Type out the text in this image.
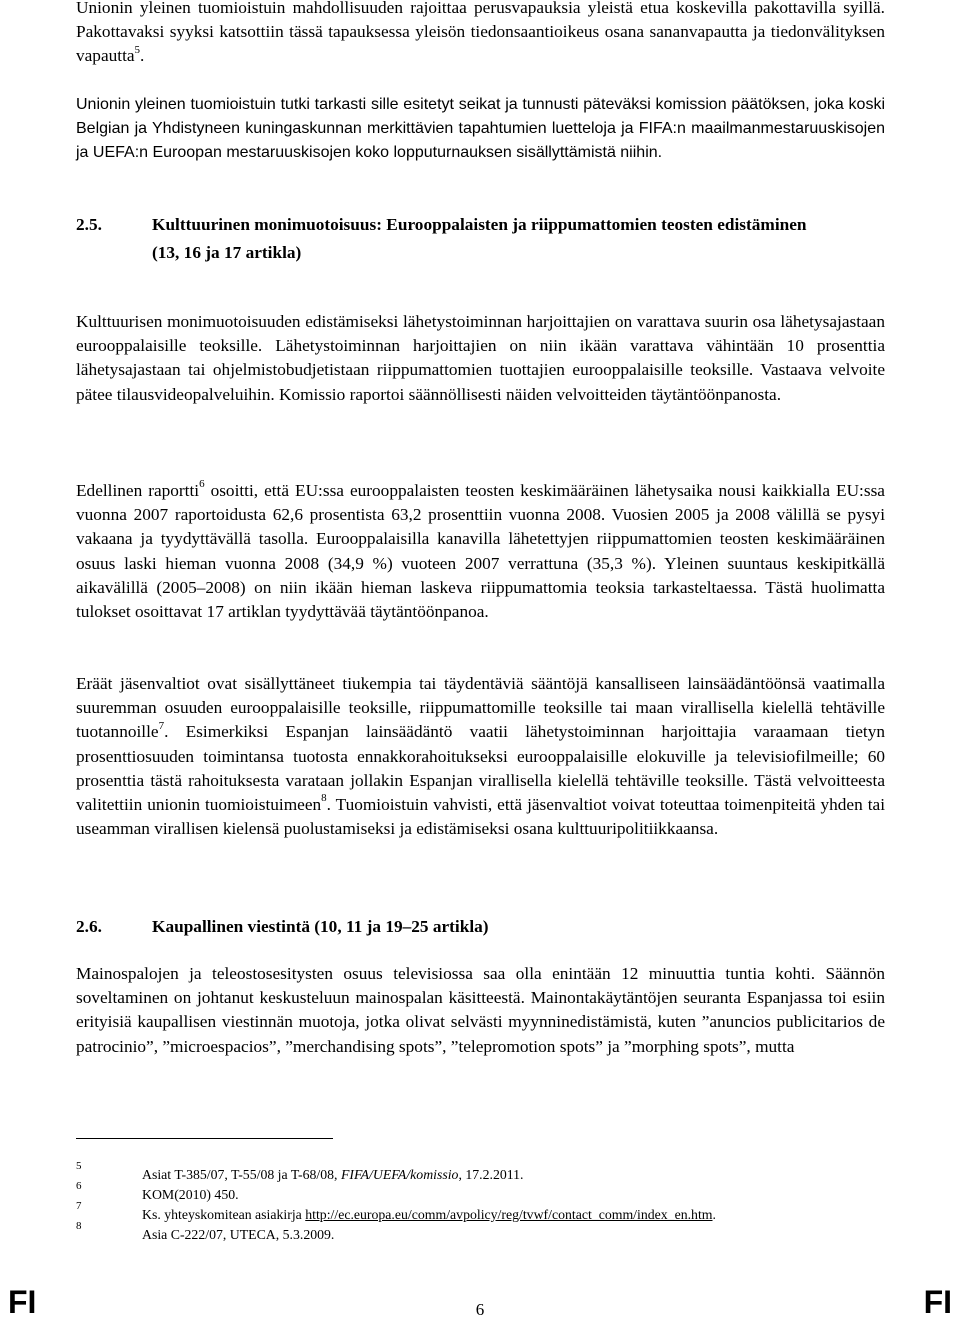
Unionin yleinen tuomioistuin mahdollisuuden rajoittaa perusvapauksia yleistä etua koskevilla pakottavilla syillä. Pakottavaksi syyksi katsottiin tässä tapauksessa yleisön tiedonsaantioikeus osana sananvapautta ja tiedonvälityksen vapautta$^5$.

Unionin yleinen tuomioistuin tutki tarkasti sille esitetyt seikat ja tunnusti päteväksi komission päätöksen, joka koski Belgian ja Yhdistyneen kuningaskunnan merkittävien tapahtumien luetteloja ja FIFA:n maailmanmestaruuskisojen ja UEFA:n Euroopan mestaruuskisojen koko lopputurnauksen sisällyttämistä niihin.

2.5.	Kulttuurinen monimuotoisuus: Eurooppalaisten ja riippumattomien teosten edistäminen
(13, 16 ja 17 artikla)

Kulttuurisen monimuotoisuuden edistämiseksi lähetystoiminnan harjoittajien on varattava suurin osa lähetysajastaan eurooppalaisille teoksille. Lähetystoiminnan harjoittajien on niin ikään varattava vähintään 10 prosenttia lähetysajastaan tai ohjelmistobudjetistaan riippumattomien tuottajien eurooppalaisille teoksille. Vastaava velvoite pätee tilausvideopalveluihin. Komissio raportoi säännöllisesti näiden velvoitteiden täytäntöönpanosta.

Edellinen raportti$^6$ osoitti, että EU:ssa eurooppalaisten teosten keskimääräinen lähetysaika nousi kaikkialla EU:ssa vuonna 2007 raportoidusta 62,6 prosentista 63,2 prosenttiin vuonna 2008. Vuosien 2005 ja 2008 välillä se pysyi vakaana ja tyydyttävällä tasolla. Eurooppalaisilla kanavilla lähetettyjen riippumattomien teosten keskimääräinen osuus laski hieman vuonna 2008 (34,9 %) vuoteen 2007 verrattuna (35,3 %). Yleinen suuntaus keskipitkällä aikavälillä (2005–2008) on niin ikään hieman laskeva riippumattomia teoksia tarkasteltaessa. Tästä huolimatta tulokset osoittavat 17 artiklan tyydyttävää täytäntöönpanoa.

Eräät jäsenvaltiot ovat sisällyttäneet tiukempia tai täydentäviä sääntöjä kansalliseen lainsäädäntöönsä vaatimalla suuremman osuuden eurooppalaisille teoksille, riippumattomille teoksille tai maan virallisella kielellä tehtäville tuotannoille$^7$. Esimerkiksi Espanjan lainsäädäntö vaatii lähetystoiminnan harjoittajia varaamaan tietyn prosenttiosuuden toimintansa tuotosta ennakkorahoitukseksi eurooppalaisille elokuville ja televisiofilmeille; 60 prosenttia tästä rahoituksesta varataan jollakin Espanjan virallisella kielellä tehtäville teoksille. Tästä velvoitteesta valitettiin unionin tuomioistuimeen$^8$. Tuomioistuin vahvisti, että jäsenvaltiot voivat toteuttaa toimenpiteitä yhden tai useamman virallisen kielensä puolustamiseksi ja edistämiseksi osana kulttuuripolitiikkaansa.

2.6.	Kaupallinen viestintä (10, 11 ja 19–25 artikla)

Mainospalojen ja teleostosesitysten osuus televisiossa saa olla enintään 12 minuuttia tuntia kohti. Säännön soveltaminen on johtanut keskusteluun mainospalan käsitteestä. Mainontakäytäntöjen seuranta Espanjassa toi esiin erityisiä kaupallisen viestinnän muotoja, jotka olivat selvästi myynninedistämistä, kuten ”anuncios publicitarios de patrocinio”, ”microespacios”, ”merchandising spots”, ”telepromotion spots” ja ”morphing spots”, mutta

5
Asiat T-385/07, T-55/08 ja T-68/08, FIFA/UEFA/komissio, 17.2.2011.
6
KOM(2010) 450.
7
Ks. yhteyskomitean asiakirja http://ec.europa.eu/comm/avpolicy/reg/tvwf/contact_comm/index_en.htm.
8
Asia C-222/07, UTECA, 5.3.2009.
FI	6	FI
